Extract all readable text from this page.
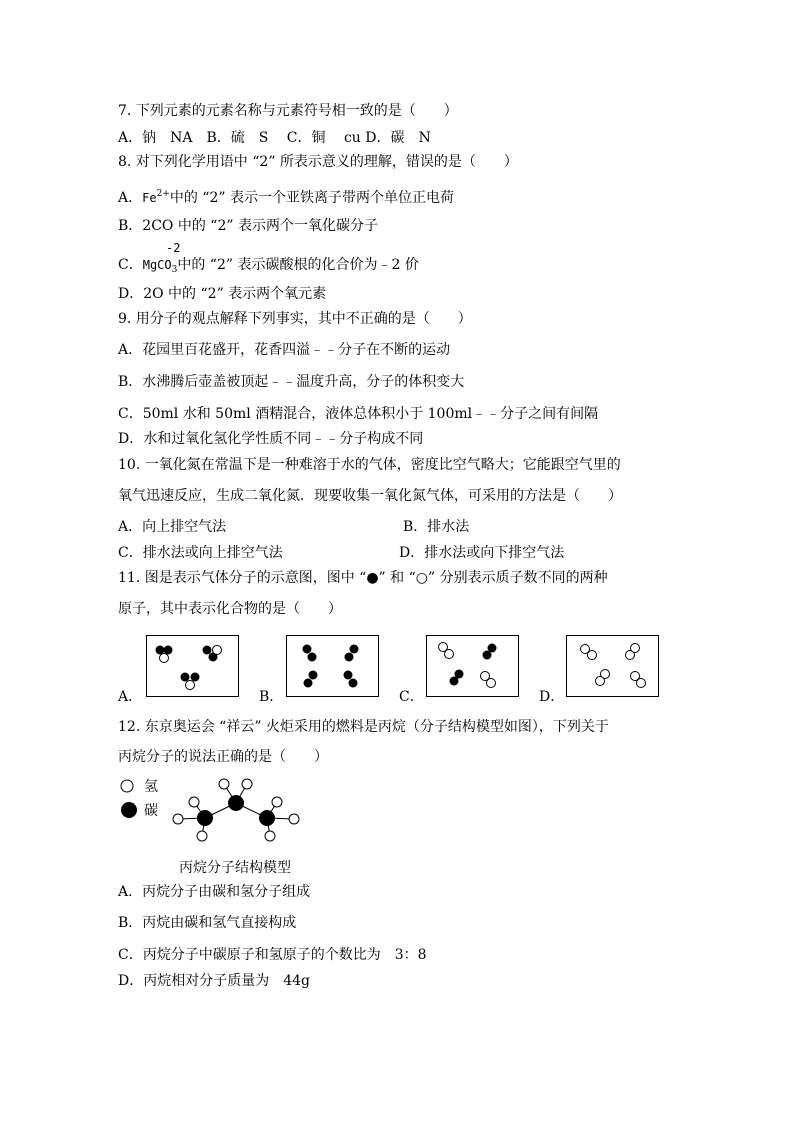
7. 下列元素的元素名称与元素符号相一致的是（　　）
A．钠　NA　B．硫　S　 C．铜　 cu D．碳　N
8. 对下列化学用语中 “2” 所表示意义的理解，错误的是（　　）
A．$Fe^{2+}$中的 “2” 表示一个亚铁离子带两个单位正电荷
B．2CO 中的 “2” 表示两个一氧化碳分子
-2
C．MgCO$_3$中的 “2” 表示碳酸根的化合价为﹣2 价
D．2O 中的 “2” 表示两个氧元素
9. 用分子的观点解释下列事实，其中不正确的是（　　）
A．花园里百花盛开，花香四溢﹣﹣分子在不断的运动
B．水沸腾后壶盖被顶起﹣﹣温度升高，分子的体积变大
C．50ml 水和 50ml 酒精混合，液体总体积小于 100ml﹣﹣分子之间有间隔
D．水和过氧化氢化学性质不同﹣﹣分子构成不同
10. 一氧化氮在常温下是一种难溶于水的气体，密度比空气略大；它能跟空气里的
氧气迅速反应，生成二氧化氮．现要收集一氧化氮气体，可采用的方法是（　　）
A．向上排空气法	B．排水法
C．排水法或向上排空气法	D．排水法或向下排空气法
11. 图是表示气体分子的示意图，图中 “●” 和 “○” 分别表示质子数不同的两种
原子，其中表示化合物的是（　　）
A．	B．	C．	D．
12. 东京奥运会 “祥云” 火炬采用的燃料是丙烷（分子结构模型如图），下列关于
丙烷分子的说法正确的是（　　）
氢
碳
丙烷分子结构模型
A．丙烷分子由碳和氢分子组成
B．丙烷由碳和氢气直接构成
C．丙烷分子中碳原子和氢原子的个数比为　3：8
D．丙烷相对分子质量为　44g
